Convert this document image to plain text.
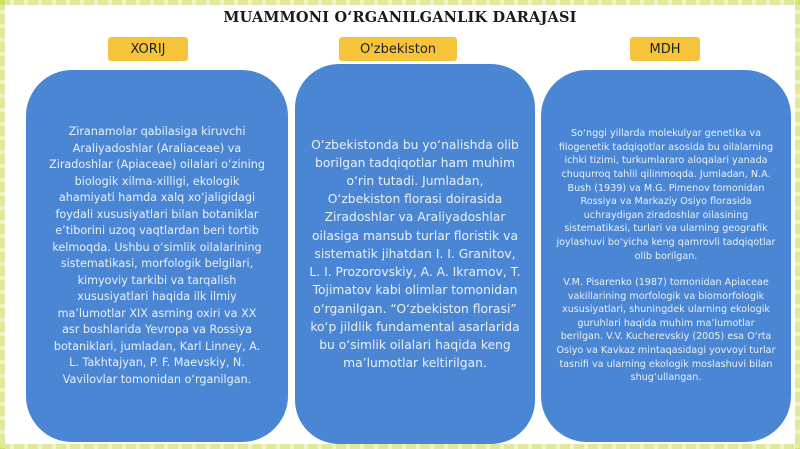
MUAMMONI O‘RGANILGANLIK DARAJASI
XORIJ	O'zbekiston	MDH

Ziranamolar qabilasiga kiruvchi Araliyadoshlar (Araliaceae) va Ziradoshlar (Apiaceae) oilalari o‘zining biologik xilma-xilligi, ekologik ahamiyati hamda xalq xo‘jaligidagi foydali xususiyatlari bilan botaniklar e’tiborini uzoq vaqtlardan beri tortib kelmoqda. Ushbu o‘simlik oilalarining sistematikasi, morfologik belgilari, kimyoviy tarkibi va tarqalish xususiyatlari haqida ilk ilmiy ma’lumotlar XIX asrning oxiri va XX asr boshlarida Yevropa va Rossiya botaniklari, jumladan, Karl Linney, A. L. Takhtajyan, P. F. Maevskiy, N. Vavilovlar tomonidan o‘rganilgan.

O‘zbekistonda bu yo‘nalishda olib borilgan tadqiqotlar ham muhim o‘rin tutadi. Jumladan, O‘zbekiston florasi doirasida Ziradoshlar va Araliyadoshlar oilasiga mansub turlar floristik va sistematik jihatdan I. I. Granitov, L. I. Prozorovskiy, A. A. Ikramov, T. Tojimatov kabi olimlar tomonidan o‘rganilgan. “O‘zbekiston florasi” ko‘p jildlik fundamental asarlarida bu o‘simlik oilalari haqida keng ma’lumotlar keltirilgan.

So‘nggi yillarda molekulyar genetika va filogenetik tadqiqotlar asosida bu oilalarning ichki tizimi, turkumlararo aloqalari yanada chuqurroq tahlil qilinmoqda. Jumladan, N.A. Bush (1939) va M.G. Pimenov tomonidan Rossiya va Markaziy Osiyo florasida uchraydigan ziradoshlar oilasining sistematikasi, turlari va ularning geografik joylashuvi bo‘yicha keng qamrovli tadqiqotlar olib borilgan.

V.M. Pisarenko (1987) tomonidan Apiaceae vakillarining morfologik va biomorfologik xususiyatlari, shuningdek ularning ekologik guruhlari haqida muhim ma’lumotlar berilgan. V.V. Kucherevskiy (2005) esa O‘rta Osiyo va Kavkaz mintaqasidagi yovvoyi turlar tasnifi va ularning ekologik moslashuvi bilan shug‘ullangan.
